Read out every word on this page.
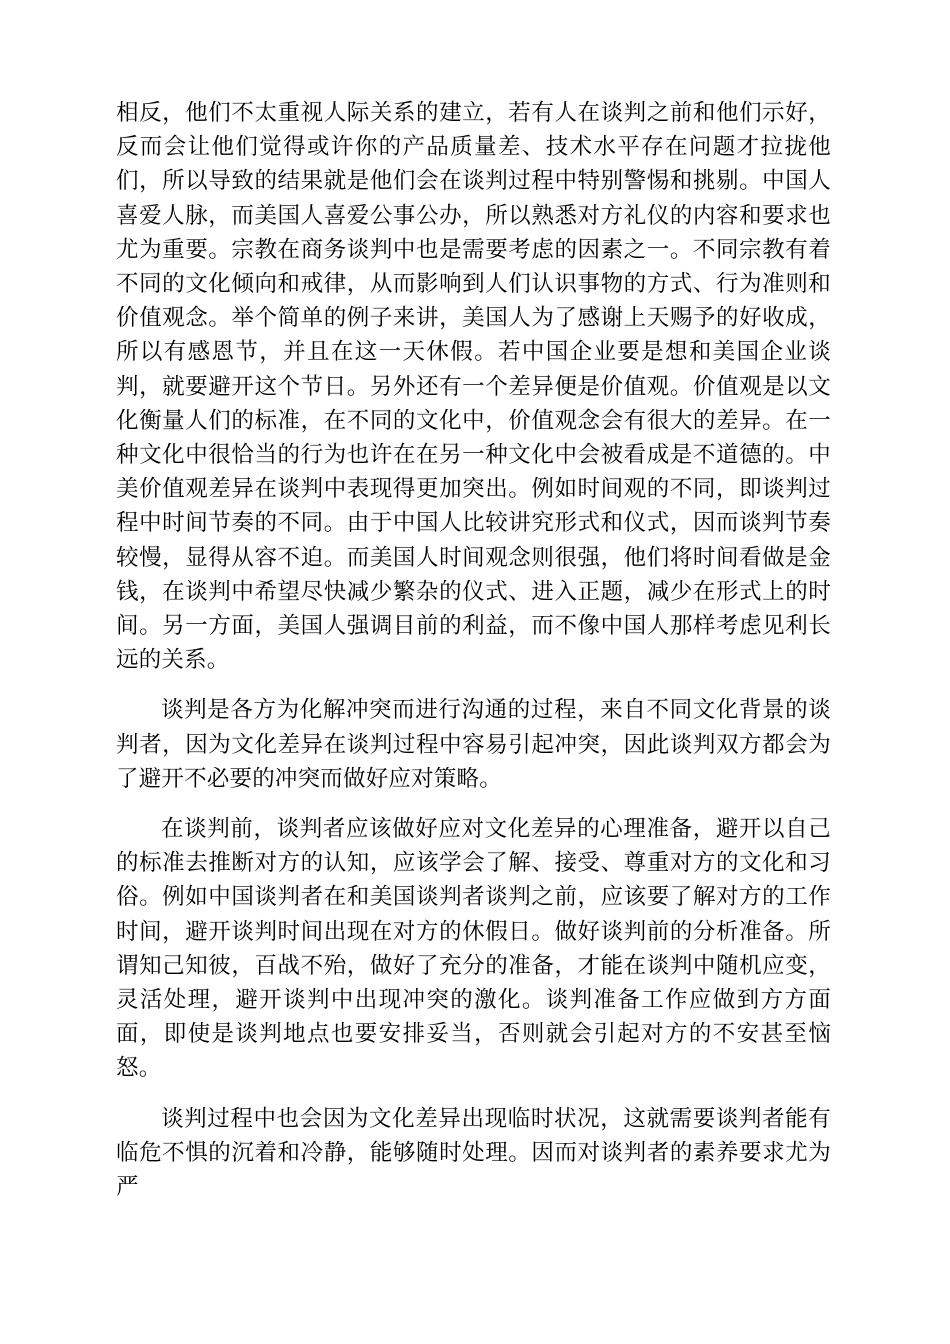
相反，他们不太重视人际关系的建立，若有人在谈判之前和他们示好，反而会让他们觉得或许你的产品质量差、技术水平存在问题才拉拢他们，所以导致的结果就是他们会在谈判过程中特别警惕和挑剔。中国人喜爱人脉，而美国人喜爱公事公办，所以熟悉对方礼仪的内容和要求也尤为重要。宗教在商务谈判中也是需要考虑的因素之一。不同宗教有着不同的文化倾向和戒律，从而影响到人们认识事物的方式、行为准则和价值观念。举个简单的例子来讲，美国人为了感谢上天赐予的好收成，所以有感恩节，并且在这一天休假。若中国企业要是想和美国企业谈判，就要避开这个节日。另外还有一个差异便是价值观。价值观是以文化衡量人们的标准，在不同的文化中，价值观念会有很大的差异。在一种文化中很恰当的行为也许在在另一种文化中会被看成是不道德的。中美价值观差异在谈判中表现得更加突出。例如时间观的不同，即谈判过程中时间节奏的不同。由于中国人比较讲究形式和仪式，因而谈判节奏较慢，显得从容不迫。而美国人时间观念则很强，他们将时间看做是金钱，在谈判中希望尽快减少繁杂的仪式、进入正题，减少在形式上的时间。另一方面，美国人强调目前的利益，而不像中国人那样考虑见利长远的关系。

谈判是各方为化解冲突而进行沟通的过程，来自不同文化背景的谈判者，因为文化差异在谈判过程中容易引起冲突，因此谈判双方都会为了避开不必要的冲突而做好应对策略。

在谈判前，谈判者应该做好应对文化差异的心理准备，避开以自己的标准去推断对方的认知，应该学会了解、接受、尊重对方的文化和习俗。例如中国谈判者在和美国谈判者谈判之前，应该要了解对方的工作时间，避开谈判时间出现在对方的休假日。做好谈判前的分析准备。所谓知己知彼，百战不殆，做好了充分的准备，才能在谈判中随机应变，灵活处理，避开谈判中出现冲突的激化。谈判准备工作应做到方方面面，即使是谈判地点也要安排妥当，否则就会引起对方的不安甚至恼怒。

谈判过程中也会因为文化差异出现临时状况，这就需要谈判者能有临危不惧的沉着和冷静，能够随时处理。因而对谈判者的素养要求尤为严
